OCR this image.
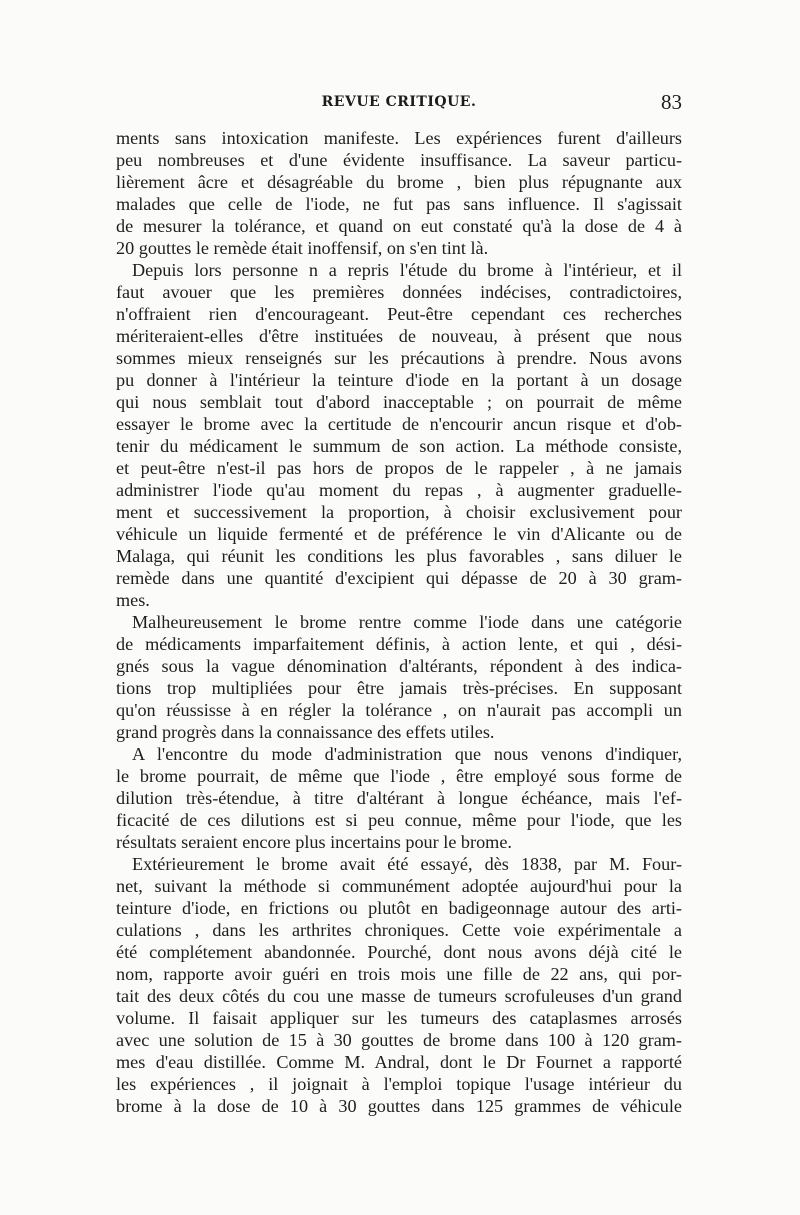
REVUE CRITIQUE.	83
ments sans intoxication manifeste. Les expériences furent d'ailleurs
peu nombreuses et d'une évidente insuffisance. La saveur particu-
lièrement âcre et désagréable du brome , bien plus répugnante aux
malades que celle de l'iode, ne fut pas sans influence. Il s'agissait
de mesurer la tolérance, et quand on eut constaté qu'à la dose de 4 à
20 gouttes le remède était inoffensif, on s'en tint là.
Depuis lors personne n a repris l'étude du brome à l'intérieur, et il
faut avouer que les premières données indécises, contradictoires,
n'offraient rien d'encourageant. Peut-être cependant ces recherches
mériteraient-elles d'être instituées de nouveau, à présent que nous
sommes mieux renseignés sur les précautions à prendre. Nous avons
pu donner à l'intérieur la teinture d'iode en la portant à un dosage
qui nous semblait tout d'abord inacceptable ; on pourrait de même
essayer le brome avec la certitude de n'encourir ancun risque et d'ob-
tenir du médicament le summum de son action. La méthode consiste,
et peut-être n'est-il pas hors de propos de le rappeler , à ne jamais
administrer l'iode qu'au moment du repas , à augmenter graduelle-
ment et successivement la proportion, à choisir exclusivement pour
véhicule un liquide fermenté et de préférence le vin d'Alicante ou de
Malaga, qui réunit les conditions les plus favorables , sans diluer le
remède dans une quantité d'excipient qui dépasse de 20 à 30 gram-
mes.
Malheureusement le brome rentre comme l'iode dans une catégorie
de médicaments imparfaitement définis, à action lente, et qui , dési-
gnés sous la vague dénomination d'altérants, répondent à des indica-
tions trop multipliées pour être jamais très-précises. En supposant
qu'on réussisse à en régler la tolérance , on n'aurait pas accompli un
grand progrès dans la connaissance des effets utiles.
A l'encontre du mode d'administration que nous venons d'indiquer,
le brome pourrait, de même que l'iode , être employé sous forme de
dilution très-étendue, à titre d'altérant à longue échéance, mais l'ef-
ficacité de ces dilutions est si peu connue, même pour l'iode, que les
résultats seraient encore plus incertains pour le brome.
Extérieurement le brome avait été essayé, dès 1838, par M. Four-
net, suivant la méthode si communément adoptée aujourd'hui pour la
teinture d'iode, en frictions ou plutôt en badigeonnage autour des arti-
culations , dans les arthrites chroniques. Cette voie expérimentale a
été complétement abandonnée. Pourché, dont nous avons déjà cité le
nom, rapporte avoir guéri en trois mois une fille de 22 ans, qui por-
tait des deux côtés du cou une masse de tumeurs scrofuleuses d'un grand
volume. Il faisait appliquer sur les tumeurs des cataplasmes arrosés
avec une solution de 15 à 30 gouttes de brome dans 100 à 120 gram-
mes d'eau distillée. Comme M. Andral, dont le Dr Fournet a rapporté
les expériences , il joignait à l'emploi topique l'usage intérieur du
brome à la dose de 10 à 30 gouttes dans 125 grammes de véhicule
